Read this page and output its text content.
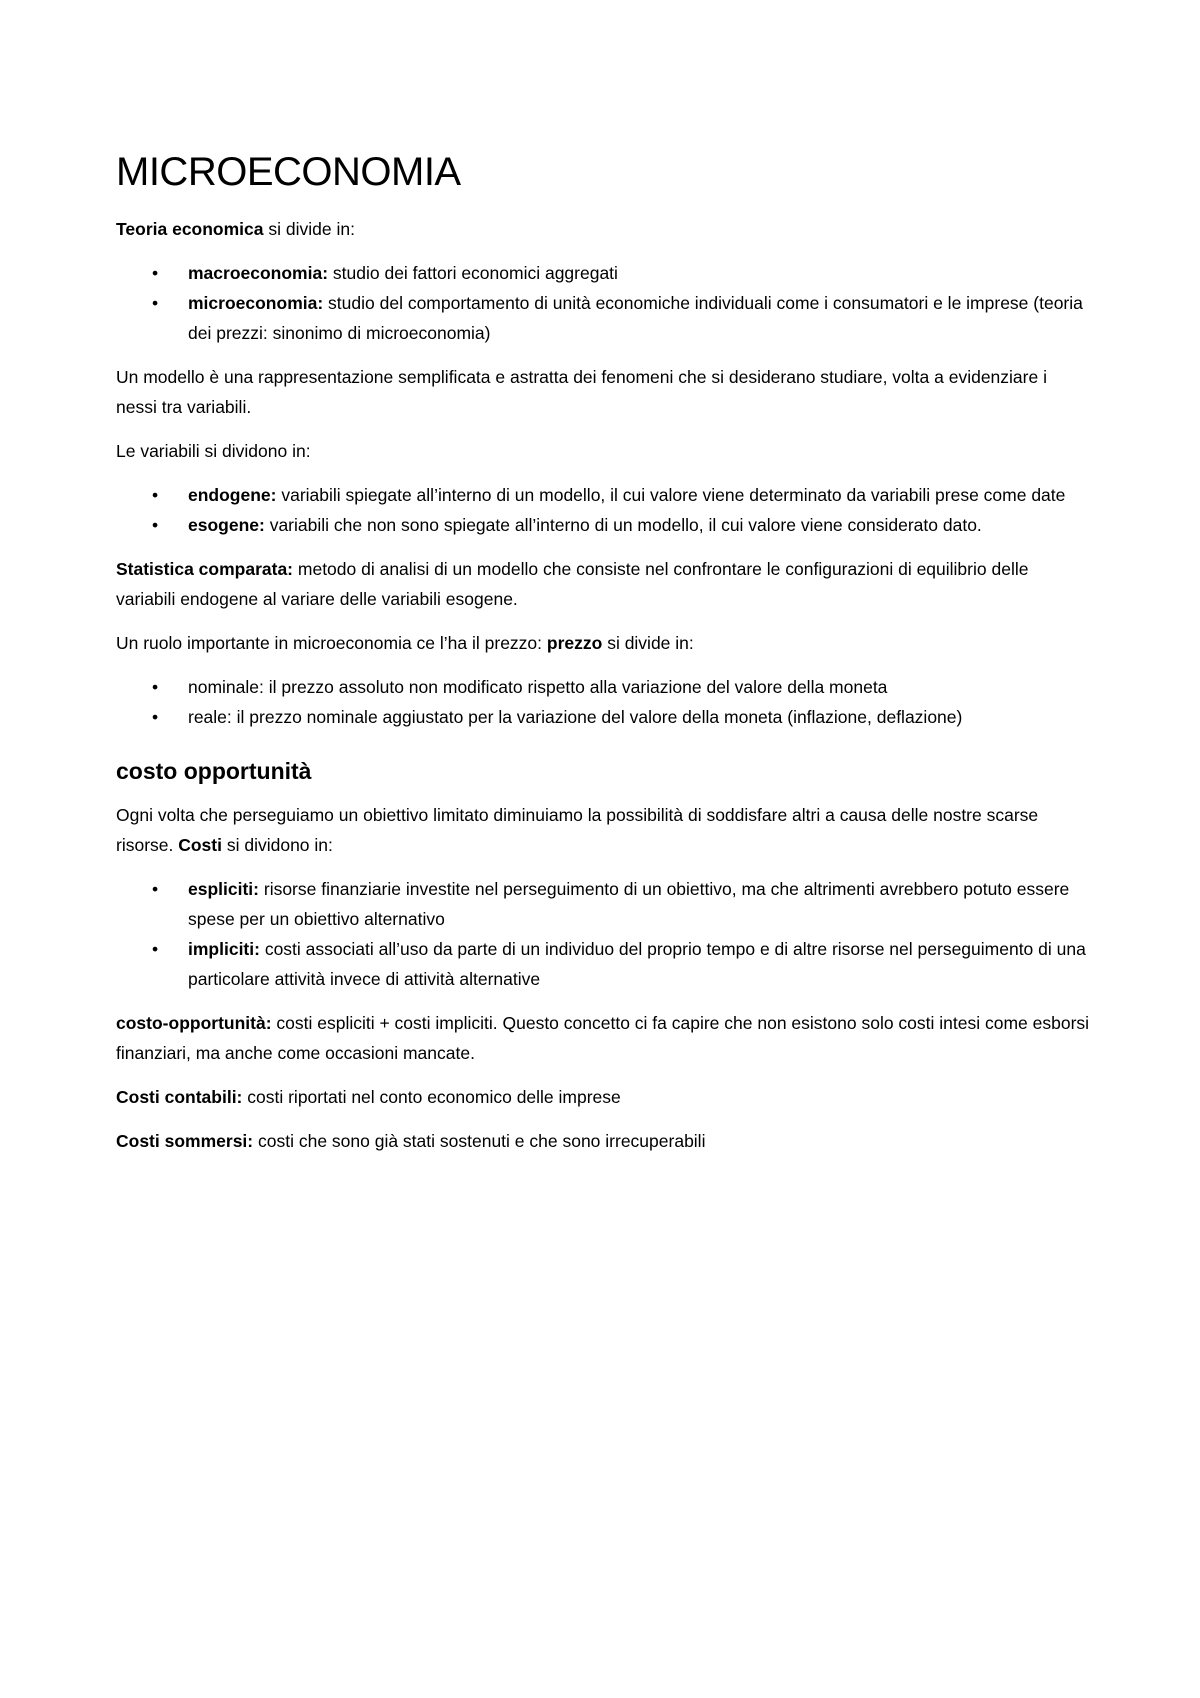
MICROECONOMIA

Teoria economica si divide in:

• macroeconomia: studio dei fattori economici aggregati
• microeconomia: studio del comportamento di unità economiche individuali come i consumatori e le imprese (teoria dei prezzi: sinonimo di microeconomia)

Un modello è una rappresentazione semplificata e astratta dei fenomeni che si desiderano studiare, volta a evidenziare i nessi tra variabili.

Le variabili si dividono in:

• endogene: variabili spiegate all’interno di un modello, il cui valore viene determinato da variabili prese come date
• esogene: variabili che non sono spiegate all’interno di un modello, il cui valore viene considerato dato.

Statistica comparata: metodo di analisi di un modello che consiste nel confrontare le configurazioni di equilibrio delle variabili endogene al variare delle variabili esogene.

Un ruolo importante in microeconomia ce l’ha il prezzo: prezzo si divide in:

• nominale: il prezzo assoluto non modificato rispetto alla variazione del valore della moneta
• reale: il prezzo nominale aggiustato per la variazione del valore della moneta (inflazione, deflazione)
costo opportunità

Ogni volta che perseguiamo un obiettivo limitato diminuiamo la possibilità di soddisfare altri a causa delle nostre scarse risorse. Costi si dividono in:

• espliciti: risorse finanziarie investite nel perseguimento di un obiettivo, ma che altrimenti avrebbero potuto essere spese per un obiettivo alternativo
• impliciti: costi associati all’uso da parte di un individuo del proprio tempo e di altre risorse nel perseguimento di una particolare attività invece di attività alternative

costo-opportunità: costi espliciti + costi impliciti. Questo concetto ci fa capire che non esistono solo costi intesi come esborsi finanziari, ma anche come occasioni mancate.

Costi contabili: costi riportati nel conto economico delle imprese

Costi sommersi: costi che sono già stati sostenuti e che sono irrecuperabili
